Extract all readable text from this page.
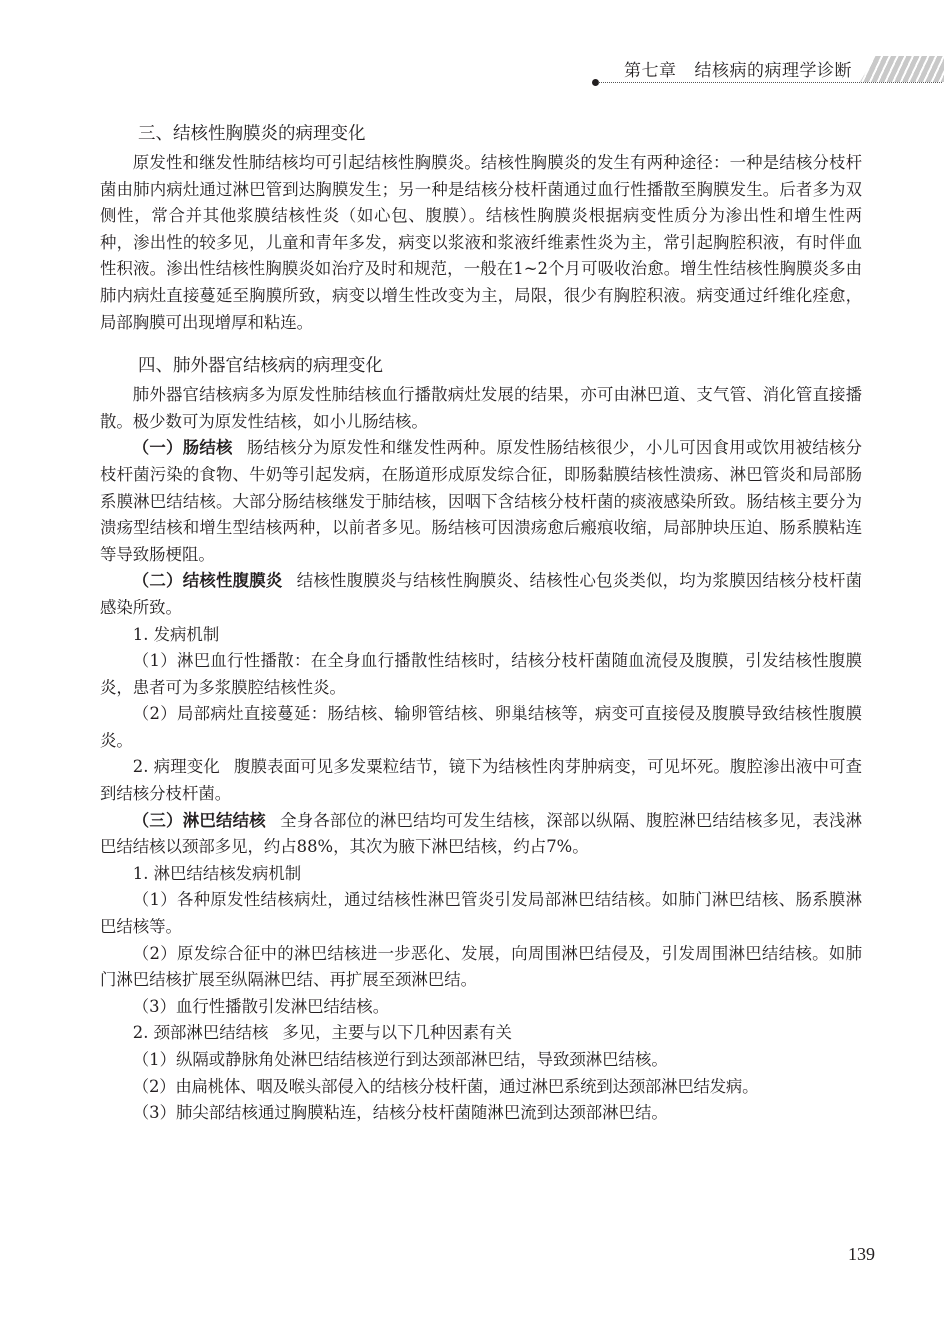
第七章 结核病的病理学诊断
三、结核性胸膜炎的病理变化

原发性和继发性肺结核均可引起结核性胸膜炎。结核性胸膜炎的发生有两种途径：一种是结核分枝杆菌由肺内病灶通过淋巴管到达胸膜发生；另一种是结核分枝杆菌通过血行性播散至胸膜发生。后者多为双侧性，常合并其他浆膜结核性炎（如心包、腹膜）。结核性胸膜炎根据病变性质分为渗出性和增生性两种，渗出性的较多见，儿童和青年多发，病变以浆液和浆液纤维素性炎为主，常引起胸腔积液，有时伴血性积液。渗出性结核性胸膜炎如治疗及时和规范，一般在1~2个月可吸收治愈。增生性结核性胸膜炎多由肺内病灶直接蔓延至胸膜所致，病变以增生性改变为主，局限，很少有胸腔积液。病变通过纤维化痊愈，局部胸膜可出现增厚和粘连。

四、肺外器官结核病的病理变化

肺外器官结核病多为原发性肺结核血行播散病灶发展的结果，亦可由淋巴道、支气管、消化管直接播散。极少数可为原发性结核，如小儿肠结核。

（一）肠结核 肠结核分为原发性和继发性两种。原发性肠结核很少，小儿可因食用或饮用被结核分枝杆菌污染的食物、牛奶等引起发病，在肠道形成原发综合征，即肠黏膜结核性溃疡、淋巴管炎和局部肠系膜淋巴结结核。大部分肠结核继发于肺结核，因咽下含结核分枝杆菌的痰液感染所致。肠结核主要分为溃疡型结核和增生型结核两种，以前者多见。肠结核可因溃疡愈后瘢痕收缩，局部肿块压迫、肠系膜粘连等导致肠梗阻。

（二）结核性腹膜炎 结核性腹膜炎与结核性胸膜炎、结核性心包炎类似，均为浆膜因结核分枝杆菌感染所致。

1. 发病机制

（1）淋巴血行性播散：在全身血行播散性结核时，结核分枝杆菌随血流侵及腹膜，引发结核性腹膜炎，患者可为多浆膜腔结核性炎。

（2）局部病灶直接蔓延：肠结核、输卵管结核、卵巢结核等，病变可直接侵及腹膜导致结核性腹膜炎。

2. 病理变化 腹膜表面可见多发粟粒结节，镜下为结核性肉芽肿病变，可见坏死。腹腔渗出液中可查到结核分枝杆菌。

（三）淋巴结结核 全身各部位的淋巴结均可发生结核，深部以纵隔、腹腔淋巴结结核多见，表浅淋巴结结核以颈部多见，约占88%，其次为腋下淋巴结核，约占7%。

1. 淋巴结结核发病机制

（1）各种原发性结核病灶，通过结核性淋巴管炎引发局部淋巴结结核。如肺门淋巴结核、肠系膜淋巴结核等。

（2）原发综合征中的淋巴结核进一步恶化、发展，向周围淋巴结侵及，引发周围淋巴结结核。如肺门淋巴结核扩展至纵隔淋巴结、再扩展至颈淋巴结。

（3）血行性播散引发淋巴结结核。

2. 颈部淋巴结结核 多见，主要与以下几种因素有关

（1）纵隔或静脉角处淋巴结结核逆行到达颈部淋巴结，导致颈淋巴结核。

（2）由扁桃体、咽及喉头部侵入的结核分枝杆菌，通过淋巴系统到达颈部淋巴结发病。

（3）肺尖部结核通过胸膜粘连，结核分枝杆菌随淋巴流到达颈部淋巴结。

139
